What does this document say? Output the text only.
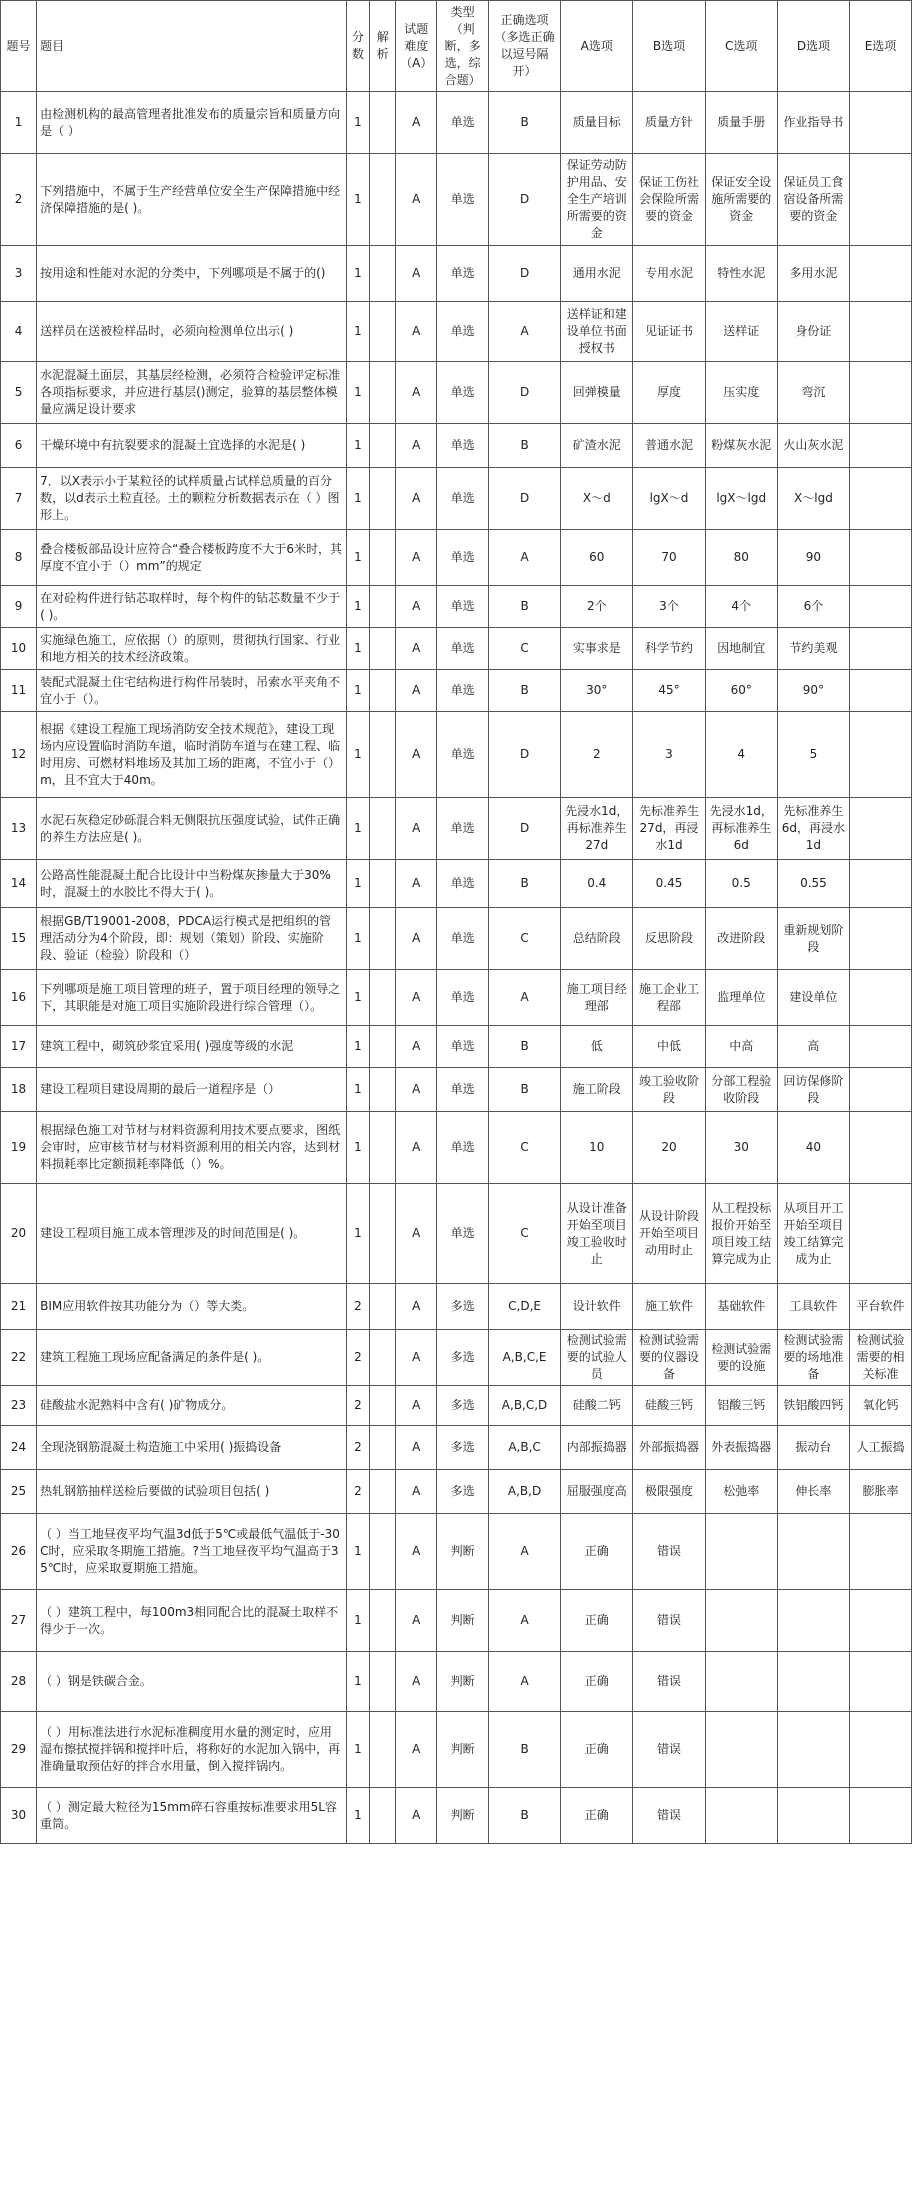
题号	题目	分数	解析	试题难度（A）	类型（判断，多选，综合题）	正确选项（多选正确以逗号隔开）	A选项	B选项	C选项	D选项	E选项
1	由检测机构的最高管理者批准发布的质量宗旨和质量方向是（ ）	1		A	单选	B	质量目标	质量方针	质量手册	作业指导书	
2	下列措施中，不属于生产经营单位安全生产保障措施中经济保障措施的是( )。	1		A	单选	D	保证劳动防护用品、安全生产培训所需要的资金	保证工伤社会保险所需要的资金	保证安全设施所需要的资金	保证员工食宿设备所需要的资金	
3	按用途和性能对水泥的分类中，下列哪项是不属于的()	1		A	单选	D	通用水泥	专用水泥	特性水泥	多用水泥	
4	送样员在送被检样品时，必须向检测单位出示( )	1		A	单选	A	送样证和建设单位书面授权书	见证证书	送样证	身份证	
5	水泥混凝土面层，其基层经检测，必须符合检验评定标准各项指标要求，并应进行基层()测定，验算的基层整体模量应满足设计要求	1		A	单选	D	回弹模量	厚度	压实度	弯沉	
6	干燥环境中有抗裂要求的混凝土宜选择的水泥是( )	1		A	单选	B	矿渣水泥	普通水泥	粉煤灰水泥	火山灰水泥	
7	7．以X表示小于某粒径的试样质量占试样总质量的百分数，以d表示土粒直径。土的颗粒分析数据表示在（ ）图形上。	1		A	单选	D	X～d	lgX～d	lgX～lgd	X～lgd	
8	叠合楼板部品设计应符合“叠合楼板跨度不大于6米时，其厚度不宜小于（）mm”的规定	1		A	单选	A	60	70	80	90	
9	在对砼构件进行钻芯取样时，每个构件的钻芯数量不少于( )。	1		A	单选	B	2个	3个	4个	6个	
10	实施绿色施工，应依据（）的原则，贯彻执行国家、行业和地方相关的技术经济政策。	1		A	单选	C	实事求是	科学节约	因地制宜	节约美观	
11	装配式混凝土住宅结构进行构件吊装时，吊索水平夹角不宜小于（）。	1		A	单选	B	30°	45°	60°	90°	
12	根据《建设工程施工现场消防安全技术规范》，建设工现场内应设置临时消防车道，临时消防车道与在建工程、临时用房、可燃材料堆场及其加工场的距离，不宜小于（）m，且不宜大于40m。	1		A	单选	D	2	3	4	5	
13	水泥石灰稳定砂砾混合料无侧限抗压强度试验，试件正确的养生方法应是( )。	1		A	单选	D	先浸水1d，再标准养生27d	先标准养生27d，再浸水1d	先浸水1d，再标准养生6d	先标准养生6d，再浸水1d	
14	公路高性能混凝土配合比设计中当粉煤灰掺量大于30%时，混凝土的水胶比不得大于( )。	1		A	单选	B	0.4	0.45	0.5	0.55	
15	根据GB/T19001-2008，PDCA运行模式是把组织的管理活动分为4个阶段，即：规划（策划）阶段、实施阶段、验证（检验）阶段和（）	1		A	单选	C	总结阶段	反思阶段	改进阶段	重新规划阶段	
16	下列哪项是施工项目管理的班子，置于项目经理的领导之下，其职能是对施工项目实施阶段进行综合管理（）。	1		A	单选	A	施工项目经理部	施工企业工程部	监理单位	建设单位	
17	建筑工程中，砌筑砂浆宜采用( )强度等级的水泥	1		A	单选	B	低	中低	中高	高	
18	建设工程项目建设周期的最后一道程序是（）	1		A	单选	B	施工阶段	竣工验收阶段	分部工程验收阶段	回访保修阶段	
19	根据绿色施工对节材与材料资源利用技术要点要求，图纸会审时，应审核节材与材料资源利用的相关内容，达到材料损耗率比定额损耗率降低（）%。	1		A	单选	C	10	20	30	40	
20	建设工程项目施工成本管理涉及的时间范围是( )。	1		A	单选	C	从设计准备开始至项目竣工验收时止	从设计阶段开始至项目动用时止	从工程投标报价开始至项目竣工结算完成为止	从项目开工开始至项目竣工结算完成为止	
21	BIM应用软件按其功能分为（）等大类。	2		A	多选	C,D,E	设计软件	施工软件	基础软件	工具软件	平台软件
22	建筑工程施工现场应配备满足的条件是( )。	2		A	多选	A,B,C,E	检测试验需要的试验人员	检测试验需要的仪器设备	检测试验需要的设施	检测试验需要的场地准备	检测试验需要的相关标准
23	硅酸盐水泥熟料中含有( )矿物成分。	2		A	多选	A,B,C,D	硅酸二钙	硅酸三钙	铝酸三钙	铁铝酸四钙	氧化钙
24	全现浇钢筋混凝土构造施工中采用( )振捣设备	2		A	多选	A,B,C	内部振捣器	外部振捣器	外表振捣器	振动台	人工振捣
25	热轧钢筋抽样送检后要做的试验项目包括( )	2		A	多选	A,B,D	屈服强度高	极限强度	松弛率	伸长率	膨胀率
26	（ ）当工地昼夜平均气温3d低于5℃或最低气温低于-30C时，应采取冬期施工措施。?当工地昼夜平均气温高于35℃时，应采取夏期施工措施。	1		A	判断	A	正确	错误			
27	（ ）建筑工程中，每100m3相同配合比的混凝土取样不得少于一次。	1		A	判断	A	正确	错误			
28	（ ）钢是铁碳合金。	1		A	判断	A	正确	错误			
29	（ ）用标准法进行水泥标准稠度用水量的测定时，应用湿布擦拭搅拌锅和搅拌叶后，将称好的水泥加入锅中，再准确量取预估好的拌合水用量，倒入搅拌锅内。	1		A	判断	B	正确	错误			
30	（ ）测定最大粒径为15mm碎石容重按标准要求用5L容重筒。	1		A	判断	B	正确	错误			
